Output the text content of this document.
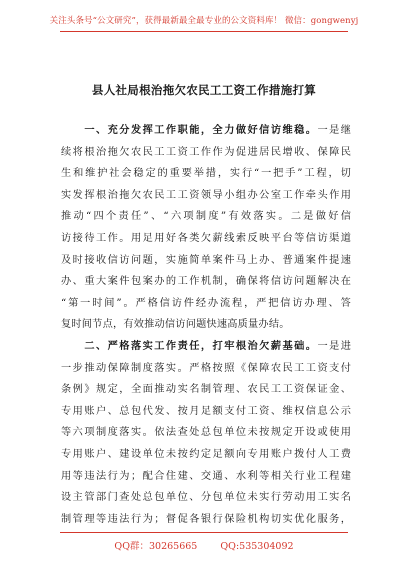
关注头条号“公文研究”，获得最新最全最专业的公文资料库！ 微信：gongwenyj
县人社局根治拖欠农民工工资工作措施打算

一 、 充 分 发 挥 工 作 职 能 ， 全 力 做 好 信 访 维 稳 。 一 是 继
续 将 根 治 拖 欠 农 民 工 工 资 工 作 作 为 促 进 居 民 增 收 、 保 障 民
生 和 维 护 社 会 稳 定 的 重 要 举 措 ， 实 行 “ 一 把 手 ” 工 程 ， 切
实 发 挥 根 治 拖 欠 农 民 工 工 资 领 导 小 组 办 公 室 工 作 牵 头 作 用
推 动 “ 四 个 责 任 ” 、 “ 六 项 制 度 ” 有 效 落 实 。 二 是 做 好 信
访 接 待 工 作 。 用 足 用 好 各 类 欠 薪 线 索 反 映 平 台 等 信 访 渠 道
及 时 接 收 信 访 问 题 ， 实 施 简 单 案 件 马 上 办 、 普 通 案 件 提 速
办 、 重 大 案 件 包 案 办 的 工 作 机 制 ， 确 保 将 信 访 问 题 解 决 在
“ 第 一 时 间 ” 。 严 格 信 访 件 经 办 流 程 ， 严 把 信 访 办 理 、 答
复 时 间 节 点 ， 有 效 推 动 信 访 问 题 快 速 高 质 量 办 结 。

二 、 严 格 落 实 工 作 责 任 ， 打 牢 根 治 欠 薪 基 础 。 一 是 进
一 步 推 动 保 障 制 度 落 实 。 严 格 按 照 《 保 障 农 民 工 工 资 支 付
条 例 》 规 定 ， 全 面 推 动 实 名 制 管 理 、 农 民 工 工 资 保 证 金 、
专 用 账 户 、 总 包 代 发 、 按 月 足 额 支 付 工 资 、 维 权 信 息 公 示
等 六 项 制 度 落 实 。 依 法 查 处 总 包 单 位 未 按 规 定 开 设 或 使 用
专 用 账 户 、 建 设 单 位 未 按 约 定 足 额 向 专 用 账 户 拨 付 人 工 费
用 等 违 法 行 为 ； 配 合 住 建 、 交 通 、 水 利 等 相 关 行 业 工 程 建
设 主 管 部 门 查 处 总 包 单 位 、 分 包 单 位 未 实 行 劳 动 用 工 实 名
制 管 理 等 违 法 行 为 ； 督 促 各 银 行 保 险 机 构 切 实 优 化 服 务 ，
QQ群：30265665 QQ:535304092
